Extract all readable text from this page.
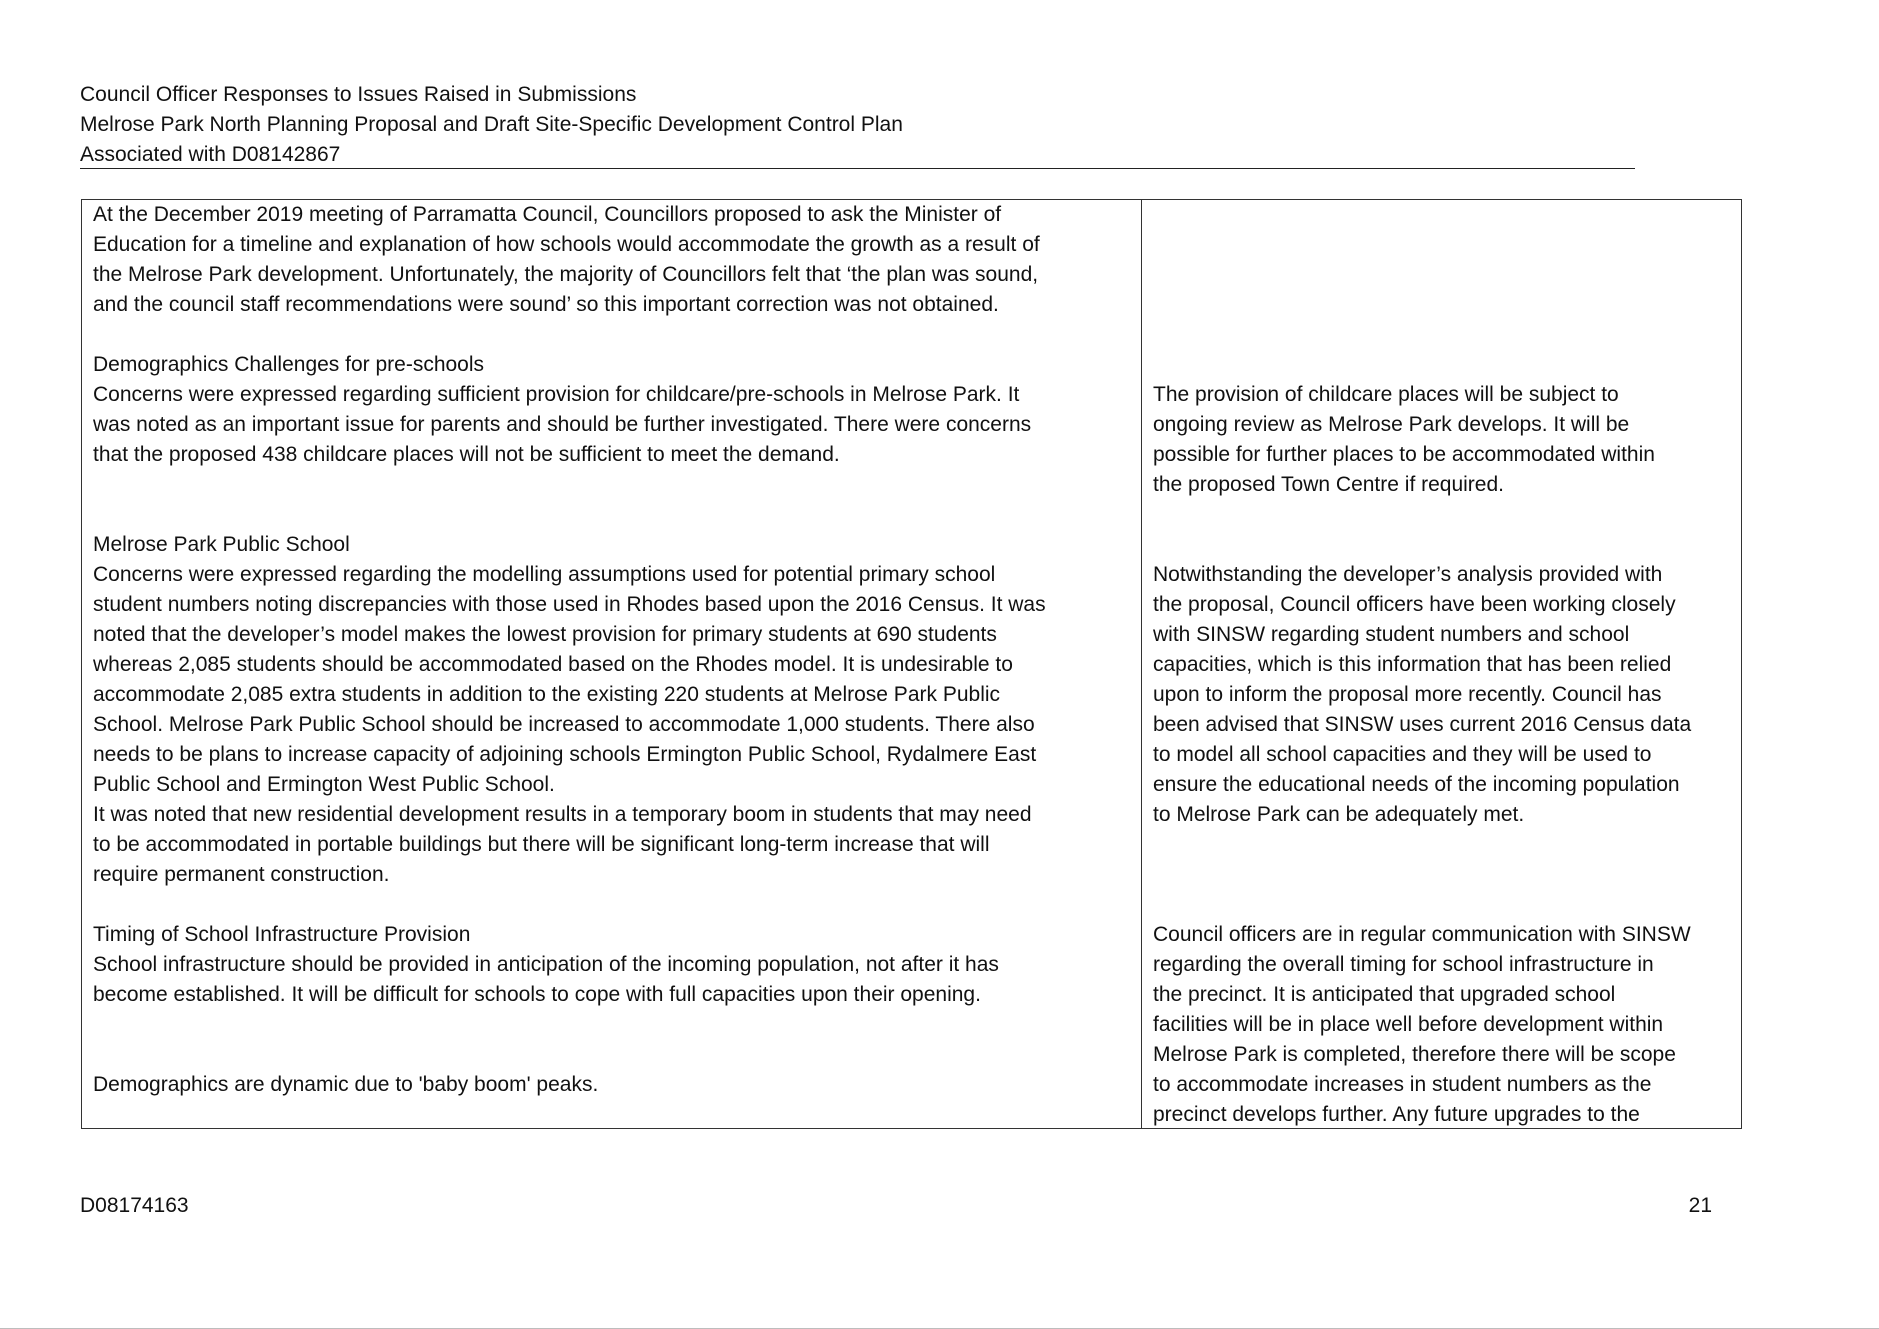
Council Officer Responses to Issues Raised in Submissions
Melrose Park North Planning Proposal and Draft Site-Specific Development Control Plan
Associated with D08142867

At the December 2019 meeting of Parramatta Council, Councillors proposed to ask the Minister of

Education for a timeline and explanation of how schools would accommodate the growth as a result of

the Melrose Park development. Unfortunately, the majority of Councillors felt that ‘the plan was sound,

and the council staff recommendations were sound’ so this important correction was not obtained.

Demographics Challenges for pre-schools

Concerns were expressed regarding sufficient provision for childcare/pre-schools in Melrose Park. It

was noted as an important issue for parents and should be further investigated. There were concerns

that the proposed 438 childcare places will not be sufficient to meet the demand.

Melrose Park Public School

Concerns were expressed regarding the modelling assumptions used for potential primary school

student numbers noting discrepancies with those used in Rhodes based upon the 2016 Census. It was

noted that the developer’s model makes the lowest provision for primary students at 690 students

whereas 2,085 students should be accommodated based on the Rhodes model. It is undesirable to

accommodate 2,085 extra students in addition to the existing 220 students at Melrose Park Public

School. Melrose Park Public School should be increased to accommodate 1,000 students. There also

needs to be plans to increase capacity of adjoining schools Ermington Public School, Rydalmere East

Public School and Ermington West Public School.

It was noted that new residential development results in a temporary boom in students that may need

to be accommodated in portable buildings but there will be significant long-term increase that will

require permanent construction.

Timing of School Infrastructure Provision

School infrastructure should be provided in anticipation of the incoming population, not after it has

become established. It will be difficult for schools to cope with full capacities upon their opening.

Demographics are dynamic due to 'baby boom' peaks.

The provision of childcare places will be subject to

ongoing review as Melrose Park develops. It will be

possible for further places to be accommodated within

the proposed Town Centre if required.

Notwithstanding the developer’s analysis provided with

the proposal, Council officers have been working closely

with SINSW regarding student numbers and school

capacities, which is this information that has been relied

upon to inform the proposal more recently. Council has

been advised that SINSW uses current 2016 Census data

to model all school capacities and they will be used to

ensure the educational needs of the incoming population

to Melrose Park can be adequately met.

Council officers are in regular communication with SINSW

regarding the overall timing for school infrastructure in

the precinct. It is anticipated that upgraded school

facilities will be in place well before development within

Melrose Park is completed, therefore there will be scope

to accommodate increases in student numbers as the

precinct develops further. Any future upgrades to the

D08174163	21
